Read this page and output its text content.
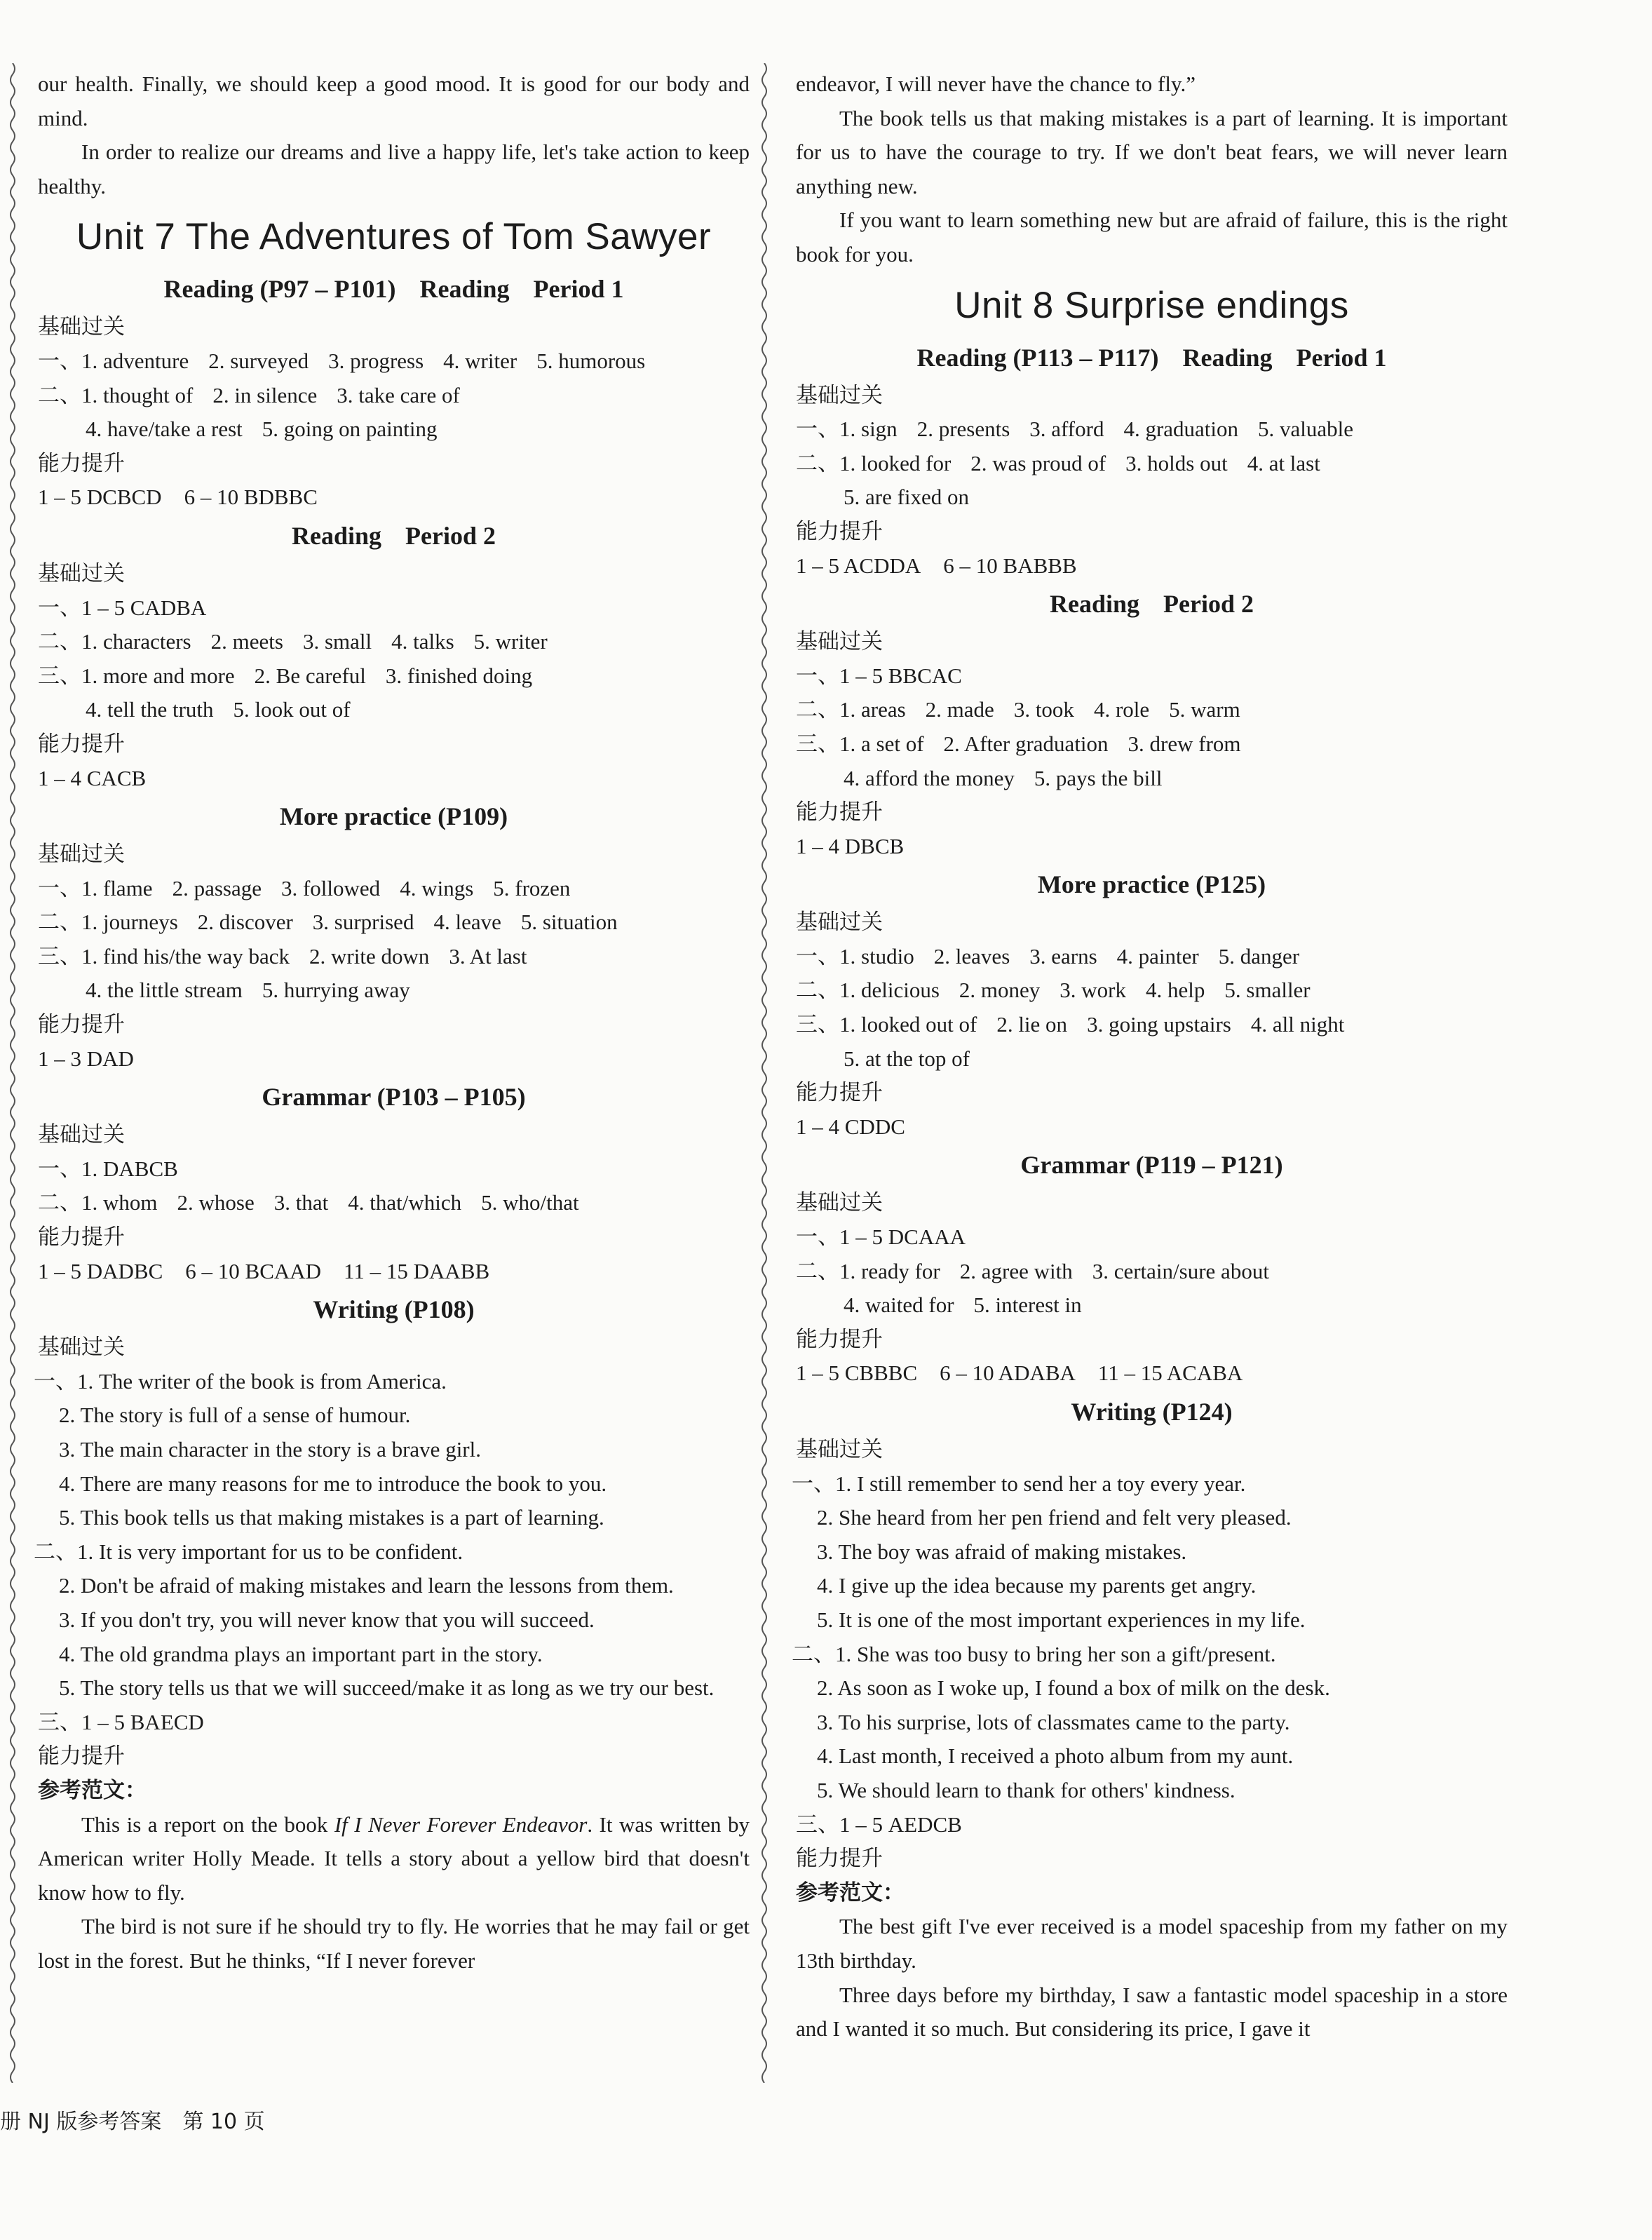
our health. Finally, we should keep a good mood. It is good for our body and mind.

In order to realize our dreams and live a happy life, let's take action to keep healthy.

Unit 7 The Adventures of Tom Sawyer
Reading (P97 – P101) Reading Period 1

基础过关

一、1. adventure 2. surveyed 3. progress 4. writer 5. humorous

二、1. thought of 2. in silence 3. take care of

4. have/take a rest 5. going on painting

能力提升

1 – 5 DCBCD 6 – 10 BDBBC

Reading Period 2

基础过关

一、1 – 5 CADBA

二、1. characters 2. meets 3. small 4. talks 5. writer

三、1. more and more 2. Be careful 3. finished doing

4. tell the truth 5. look out of

能力提升

1 – 4 CACB

More practice (P109)

基础过关

一、1. flame 2. passage 3. followed 4. wings 5. frozen

二、1. journeys 2. discover 3. surprised 4. leave 5. situation

三、1. find his/the way back 2. write down 3. At last

4. the little stream 5. hurrying away

能力提升

1 – 3 DAD

Grammar (P103 – P105)

基础过关

一、1. DABCB

二、1. whom 2. whose 3. that 4. that/which 5. who/that

能力提升

1 – 5 DADBC 6 – 10 BCAAD 11 – 15 DAABB

Writing (P108)

基础过关

一、1. The writer of the book is from America.

2. The story is full of a sense of humour.

3. The main character in the story is a brave girl.

4. There are many reasons for me to introduce the book to you.

5. This book tells us that making mistakes is a part of learning.

二、1. It is very important for us to be confident.

2. Don't be afraid of making mistakes and learn the lessons from them.

3. If you don't try, you will never know that you will succeed.

4. The old grandma plays an important part in the story.

5. The story tells us that we will succeed/make it as long as we try our best.

三、1 – 5 BAECD

能力提升

参考范文：

This is a report on the book If I Never Forever Endeavor. It was written by American writer Holly Meade. It tells a story about a yellow bird that doesn't know how to fly.

The bird is not sure if he should try to fly. He worries that he may fail or get lost in the forest. But he thinks, “If I never forever

endeavor, I will never have the chance to fly.”

The book tells us that making mistakes is a part of learning. It is important for us to have the courage to try. If we don't beat fears, we will never learn anything new.

If you want to learn something new but are afraid of failure, this is the right book for you.

Unit 8 Surprise endings
Reading (P113 – P117) Reading Period 1

基础过关

一、1. sign 2. presents 3. afford 4. graduation 5. valuable

二、1. looked for 2. was proud of 3. holds out 4. at last

5. are fixed on

能力提升

1 – 5 ACDDA 6 – 10 BABBB

Reading Period 2

基础过关

一、1 – 5 BBCAC

二、1. areas 2. made 3. took 4. role 5. warm

三、1. a set of 2. After graduation 3. drew from

4. afford the money 5. pays the bill

能力提升

1 – 4 DBCB

More practice (P125)

基础过关

一、1. studio 2. leaves 3. earns 4. painter 5. danger

二、1. delicious 2. money 3. work 4. help 5. smaller

三、1. looked out of 2. lie on 3. going upstairs 4. all night

5. at the top of

能力提升

1 – 4 CDDC

Grammar (P119 – P121)

基础过关

一、1 – 5 DCAAA

二、1. ready for 2. agree with 3. certain/sure about

4. waited for 5. interest in

能力提升

1 – 5 CBBBC 6 – 10 ADABA 11 – 15 ACABA

Writing (P124)

基础过关

一、1. I still remember to send her a toy every year.

2. She heard from her pen friend and felt very pleased.

3. The boy was afraid of making mistakes.

4. I give up the idea because my parents get angry.

5. It is one of the most important experiences in my life.

二、1. She was too busy to bring her son a gift/present.

2. As soon as I woke up, I found a box of milk on the desk.

3. To his surprise, lots of classmates came to the party.

4. Last month, I received a photo album from my aunt.

5. We should learn to thank for others' kindness.

三、1 – 5 AEDCB

能力提升

参考范文：

The best gift I've ever received is a model spaceship from my father on my 13th birthday.

Three days before my birthday, I saw a fantastic model spaceship in a store and I wanted it so much. But considering its price, I gave it

册 NJ 版参考答案　第 10 页
